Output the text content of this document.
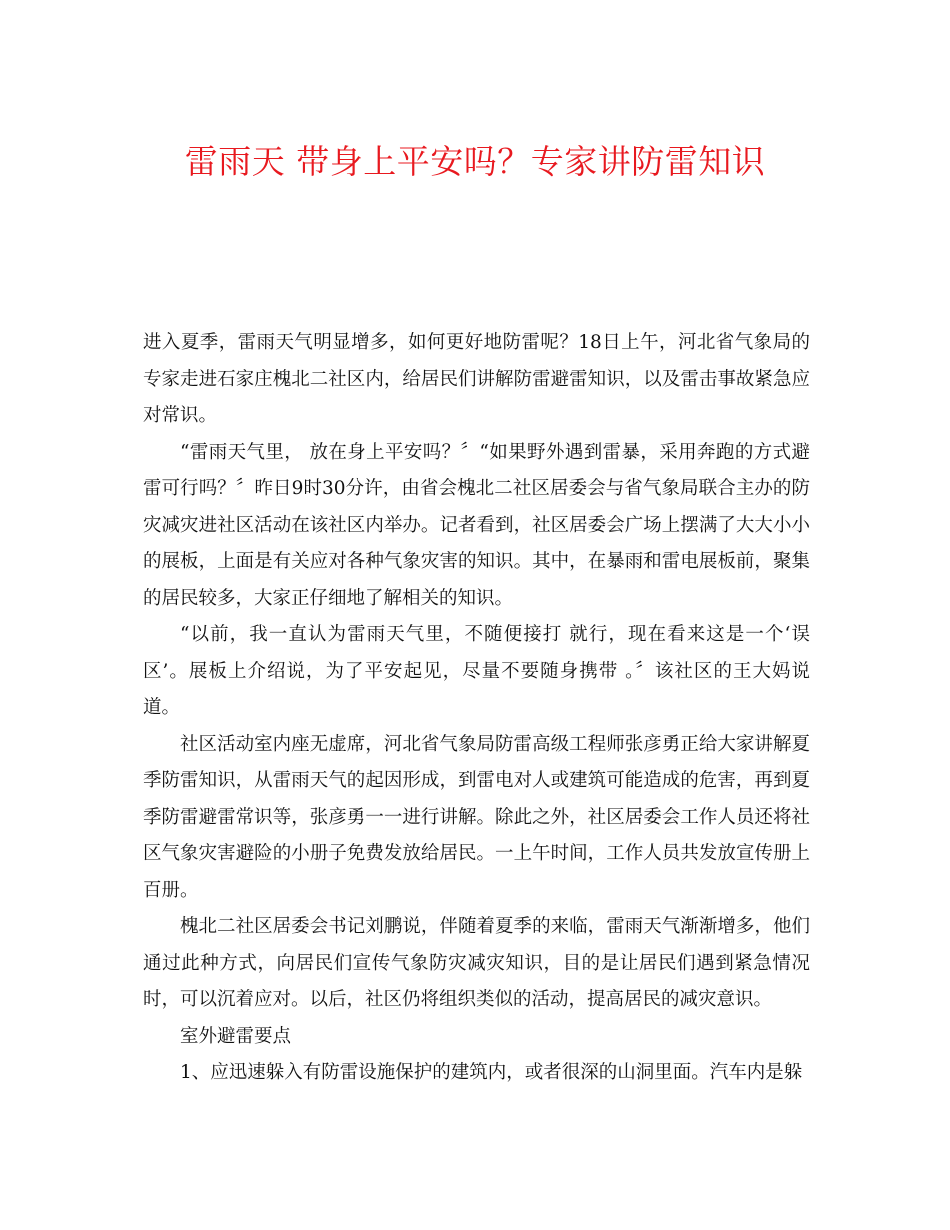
雷雨天 带身上平安吗？专家讲防雷知识

进入夏季，雷雨天气明显增多，如何更好地防雷呢？18日上午，河北省气象局的专家走进石家庄槐北二社区内，给居民们讲解防雷避雷知识，以及雷击事故紧急应对常识。

“雷雨天气里， 放在身上平安吗？〞“如果野外遇到雷暴，采用奔跑的方式避雷可行吗？〞昨日9时30分许，由省会槐北二社区居委会与省气象局联合主办的防灾减灾进社区活动在该社区内举办。记者看到，社区居委会广场上摆满了大大小小的展板，上面是有关应对各种气象灾害的知识。其中，在暴雨和雷电展板前，聚集的居民较多，大家正仔细地了解相关的知识。

“以前，我一直认为雷雨天气里，不随便接打 就行，现在看来这是一个‘误区’。展板上介绍说，为了平安起见，尽量不要随身携带 。〞该社区的王大妈说道。

社区活动室内座无虚席，河北省气象局防雷高级工程师张彦勇正给大家讲解夏季防雷知识，从雷雨天气的起因形成，到雷电对人或建筑可能造成的危害，再到夏季防雷避雷常识等，张彦勇一一进行讲解。除此之外，社区居委会工作人员还将社区气象灾害避险的小册子免费发放给居民。一上午时间，工作人员共发放宣传册上百册。

槐北二社区居委会书记刘鹏说，伴随着夏季的来临，雷雨天气渐渐增多，他们通过此种方式，向居民们宣传气象防灾减灾知识，目的是让居民们遇到紧急情况时，可以沉着应对。以后，社区仍将组织类似的活动，提高居民的减灾意识。

室外避雷要点

1、应迅速躲入有防雷设施保护的建筑内，或者很深的山洞里面。汽车内是躲
